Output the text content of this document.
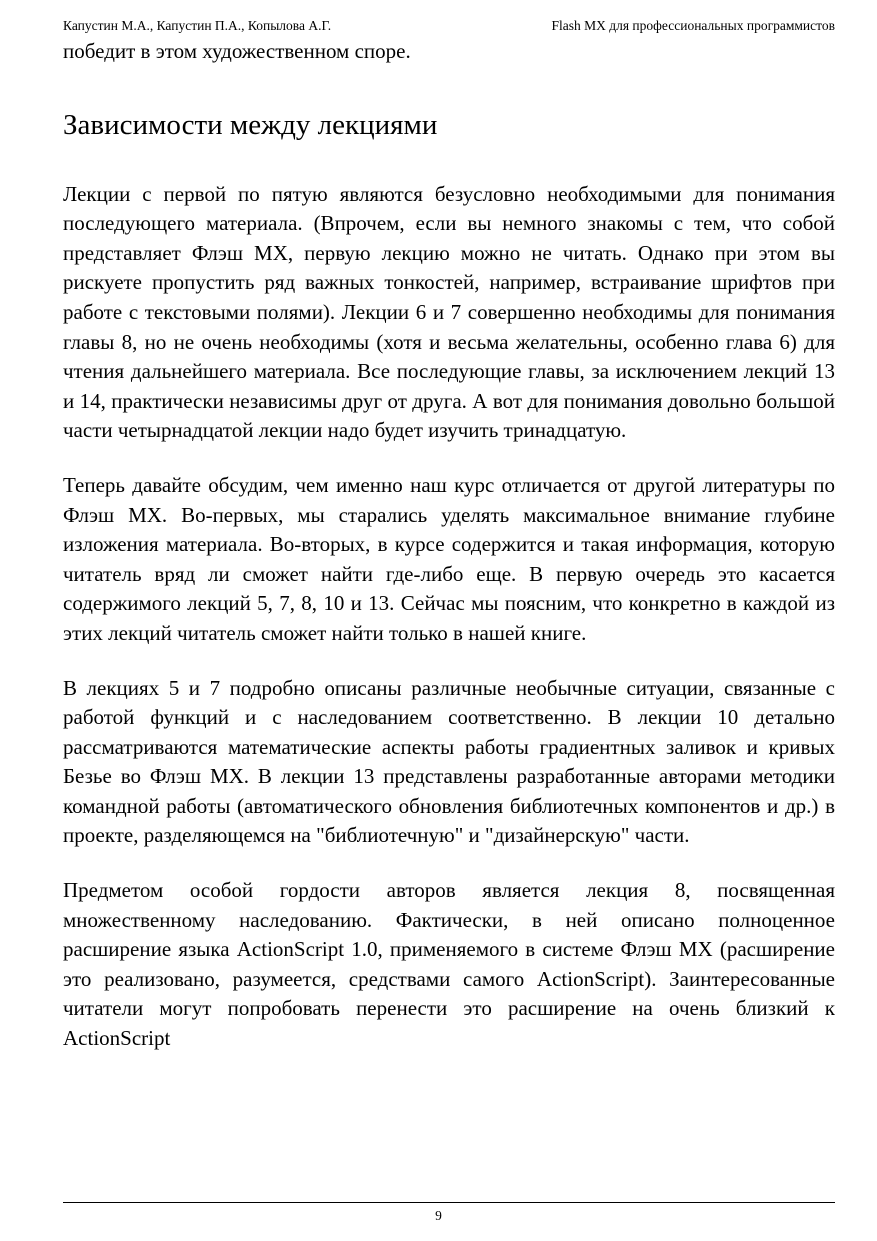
Капустин М.А., Капустин П.А., Копылова А.Г.	Flash MX для профессиональных программистов

победит в этом художественном споре.

Зависимости между лекциями

Лекции с первой по пятую являются безусловно необходимыми для понимания последующего материала. (Впрочем, если вы немного знакомы с тем, что собой представляет Флэш MX, первую лекцию можно не читать. Однако при этом вы рискуете пропустить ряд важных тонкостей, например, встраивание шрифтов при работе с текстовыми полями). Лекции 6 и 7 совершенно необходимы для понимания главы 8, но не очень необходимы (хотя и весьма желательны, особенно глава 6) для чтения дальнейшего материала. Все последующие главы, за исключением лекций 13 и 14, практически независимы друг от друга. А вот для понимания довольно большой части четырнадцатой лекции надо будет изучить тринадцатую.

Теперь давайте обсудим, чем именно наш курс отличается от другой литературы по Флэш MX. Во-первых, мы старались уделять максимальное внимание глубине изложения материала. Во-вторых, в курсе содержится и такая информация, которую читатель вряд ли сможет найти где-либо еще. В первую очередь это касается содержимого лекций 5, 7, 8, 10 и 13. Сейчас мы поясним, что конкретно в каждой из этих лекций читатель сможет найти только в нашей книге.

В лекциях 5 и 7 подробно описаны различные необычные ситуации, связанные с работой функций и с наследованием соответственно. В лекции 10 детально рассматриваются математические аспекты работы градиентных заливок и кривых Безье во Флэш MX. В лекции 13 представлены разработанные авторами методики командной работы (автоматического обновления библиотечных компонентов и др.) в проекте, разделяющемся на "библиотечную" и "дизайнерскую" части.

Предметом особой гордости авторов является лекция 8, посвященная множественному наследованию. Фактически, в ней описано полноценное расширение языка ActionScript 1.0, применяемого в системе Флэш MX (расширение это реализовано, разумеется, средствами самого ActionScript). Заинтересованные читатели могут попробовать перенести это расширение на очень близкий к ActionScript

9
